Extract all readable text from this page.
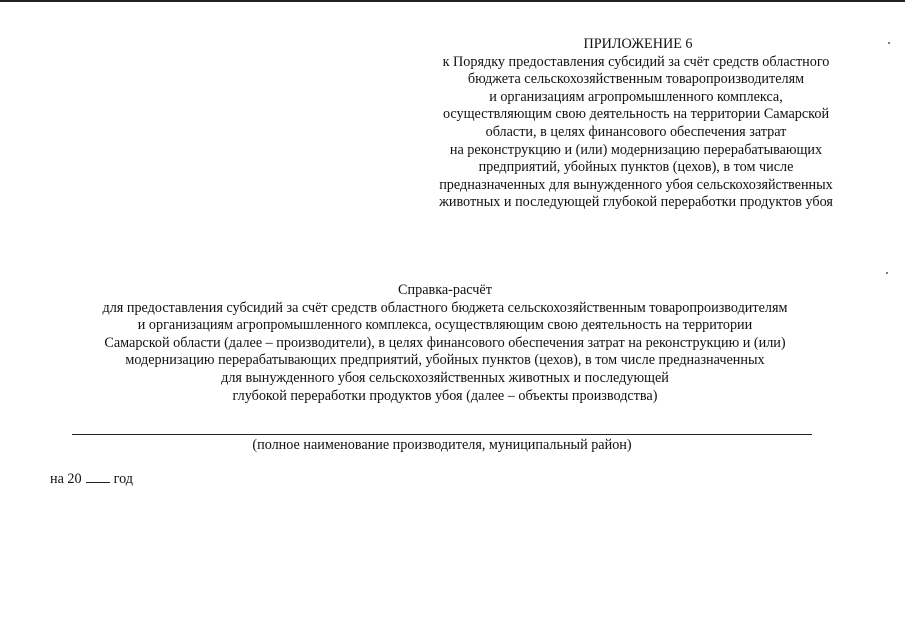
ПРИЛОЖЕНИЕ 6
к Порядку предоставления субсидий за счёт средств областного
бюджета сельскохозяйственным товаропроизводителям
и организациям агропромышленного комплекса,
осуществляющим свою деятельность на территории Самарской
области, в целях финансового обеспечения затрат
на реконструкцию и (или) модернизацию перерабатывающих
предприятий, убойных пунктов (цехов), в том числе
предназначенных для вынужденного убоя сельскохозяйственных
животных и последующей глубокой переработки продуктов убоя
Справка-расчёт
для предоставления субсидий за счёт средств областного бюджета сельскохозяйственным товаропроизводителям
и организациям агропромышленного комплекса, осуществляющим свою деятельность на территории
Самарской области (далее – производители), в целях финансового обеспечения затрат на реконструкцию и (или)
модернизацию перерабатывающих предприятий, убойных пунктов (цехов), в том числе предназначенных
для вынужденного убоя сельскохозяйственных животных и последующей
глубокой переработки продуктов убоя (далее – объекты производства)
(полное наименование производителя, муниципальный район)
на 20 год
